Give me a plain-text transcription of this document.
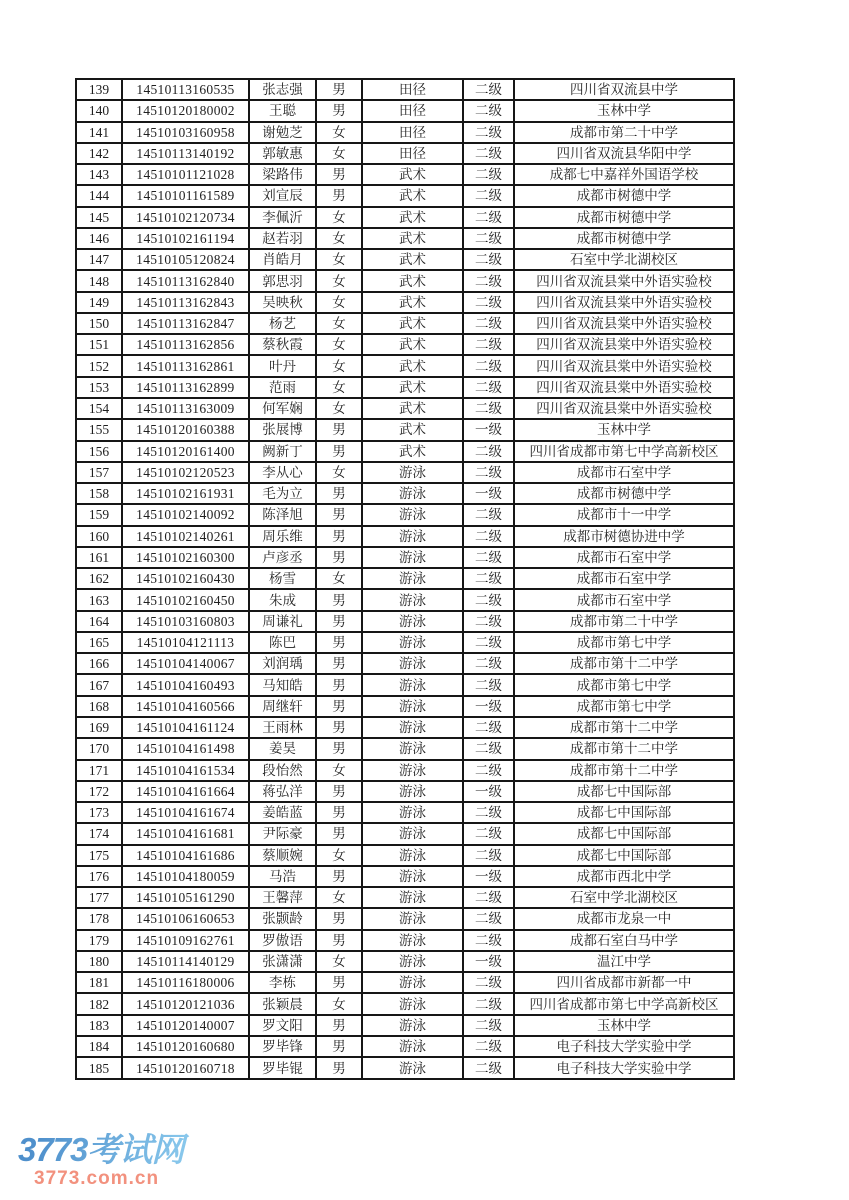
139	14510113160535	张志强	男	田径	二级	四川省双流县中学
140	14510120180002	王聪	男	田径	二级	玉林中学
141	14510103160958	谢勉芝	女	田径	二级	成都市第二十中学
142	14510113140192	郭敏惠	女	田径	二级	四川省双流县华阳中学
143	14510101121028	梁路伟	男	武术	二级	成都七中嘉祥外国语学校
144	14510101161589	刘宣辰	男	武术	二级	成都市树德中学
145	14510102120734	李佩沂	女	武术	二级	成都市树德中学
146	14510102161194	赵若羽	女	武术	二级	成都市树德中学
147	14510105120824	肖皓月	女	武术	二级	石室中学北湖校区
148	14510113162840	郭思羽	女	武术	二级	四川省双流县棠中外语实验校
149	14510113162843	吴映秋	女	武术	二级	四川省双流县棠中外语实验校
150	14510113162847	杨艺	女	武术	二级	四川省双流县棠中外语实验校
151	14510113162856	蔡秋霞	女	武术	二级	四川省双流县棠中外语实验校
152	14510113162861	叶丹	女	武术	二级	四川省双流县棠中外语实验校
153	14510113162899	范雨	女	武术	二级	四川省双流县棠中外语实验校
154	14510113163009	何军娴	女	武术	二级	四川省双流县棠中外语实验校
155	14510120160388	张展博	男	武术	一级	玉林中学
156	14510120161400	阙新丁	男	武术	二级	四川省成都市第七中学高新校区
157	14510102120523	李从心	女	游泳	二级	成都市石室中学
158	14510102161931	毛为立	男	游泳	一级	成都市树德中学
159	14510102140092	陈泽旭	男	游泳	二级	成都市十一中学
160	14510102140261	周乐维	男	游泳	二级	成都市树德协进中学
161	14510102160300	卢彦丞	男	游泳	二级	成都市石室中学
162	14510102160430	杨雪	女	游泳	二级	成都市石室中学
163	14510102160450	朱成	男	游泳	二级	成都市石室中学
164	14510103160803	周谦礼	男	游泳	二级	成都市第二十中学
165	14510104121113	陈巴	男	游泳	二级	成都市第七中学
166	14510104140067	刘润瑀	男	游泳	二级	成都市第十二中学
167	14510104160493	马知皓	男	游泳	二级	成都市第七中学
168	14510104160566	周继轩	男	游泳	一级	成都市第七中学
169	14510104161124	王雨林	男	游泳	二级	成都市第十二中学
170	14510104161498	姜昊	男	游泳	二级	成都市第十二中学
171	14510104161534	段怡然	女	游泳	二级	成都市第十二中学
172	14510104161664	蒋弘洋	男	游泳	一级	成都七中国际部
173	14510104161674	姜皓蓝	男	游泳	二级	成都七中国际部
174	14510104161681	尹际豪	男	游泳	二级	成都七中国际部
175	14510104161686	蔡顺婉	女	游泳	二级	成都七中国际部
176	14510104180059	马浩	男	游泳	一级	成都市西北中学
177	14510105161290	王馨萍	女	游泳	二级	石室中学北湖校区
178	14510106160653	张颢龄	男	游泳	二级	成都市龙泉一中
179	14510109162761	罗傲语	男	游泳	二级	成都石室白马中学
180	14510114140129	张潇潇	女	游泳	一级	温江中学
181	14510116180006	李栋	男	游泳	二级	四川省成都市新都一中
182	14510120121036	张颖晨	女	游泳	二级	四川省成都市第七中学高新校区
183	14510120140007	罗文阳	男	游泳	二级	玉林中学
184	14510120160680	罗毕锋	男	游泳	二级	电子科技大学实验中学
185	14510120160718	罗毕锟	男	游泳	二级	电子科技大学实验中学
3773考试网
3773.com.cn
